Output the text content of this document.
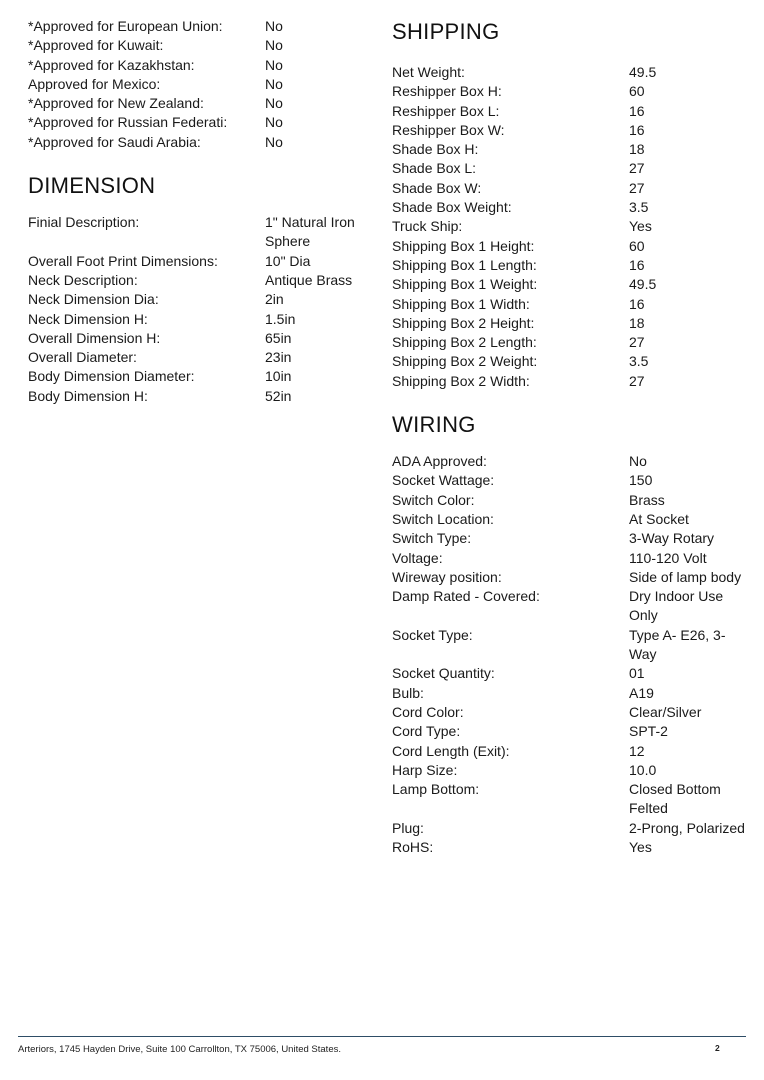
*Approved for European Union:	No
*Approved for Kuwait:	No
*Approved for Kazakhstan:	No
Approved for Mexico:	No
*Approved for New Zealand:	No
*Approved for Russian Federati:	No
*Approved for Saudi Arabia:	No
DIMENSION
Finial Description:	1" Natural Iron Sphere
Overall Foot Print Dimensions:	10" Dia
Neck Description:	Antique Brass
Neck Dimension Dia:	2in
Neck Dimension H:	1.5in
Overall Dimension H:	65in
Overall Diameter:	23in
Body Dimension Diameter:	10in
Body Dimension H:	52in
SHIPPING
Net Weight:	49.5
Reshipper Box H:	60
Reshipper Box L:	16
Reshipper Box W:	16
Shade Box H:	18
Shade Box L:	27
Shade Box W:	27
Shade Box Weight:	3.5
Truck Ship:	Yes
Shipping Box 1 Height:	60
Shipping Box 1 Length:	16
Shipping Box 1 Weight:	49.5
Shipping Box 1 Width:	16
Shipping Box 2 Height:	18
Shipping Box 2 Length:	27
Shipping Box 2 Weight:	3.5
Shipping Box 2 Width:	27
WIRING
ADA Approved:	No
Socket Wattage:	150
Switch Color:	Brass
Switch Location:	At Socket
Switch Type:	3-Way Rotary
Voltage:	110-120 Volt
Wireway position:	Side of lamp body
Damp Rated - Covered:	Dry Indoor Use Only
Socket Type:	Type A- E26, 3-Way
Socket Quantity:	01
Bulb:	A19
Cord Color:	Clear/Silver
Cord Type:	SPT-2
Cord Length (Exit):	12
Harp Size:	10.0
Lamp Bottom:	Closed Bottom Felted
Plug:	2-Prong, Polarized
RoHS:	Yes
Arteriors, 1745 Hayden Drive, Suite 100 Carrollton, TX 75006, United States.	2
